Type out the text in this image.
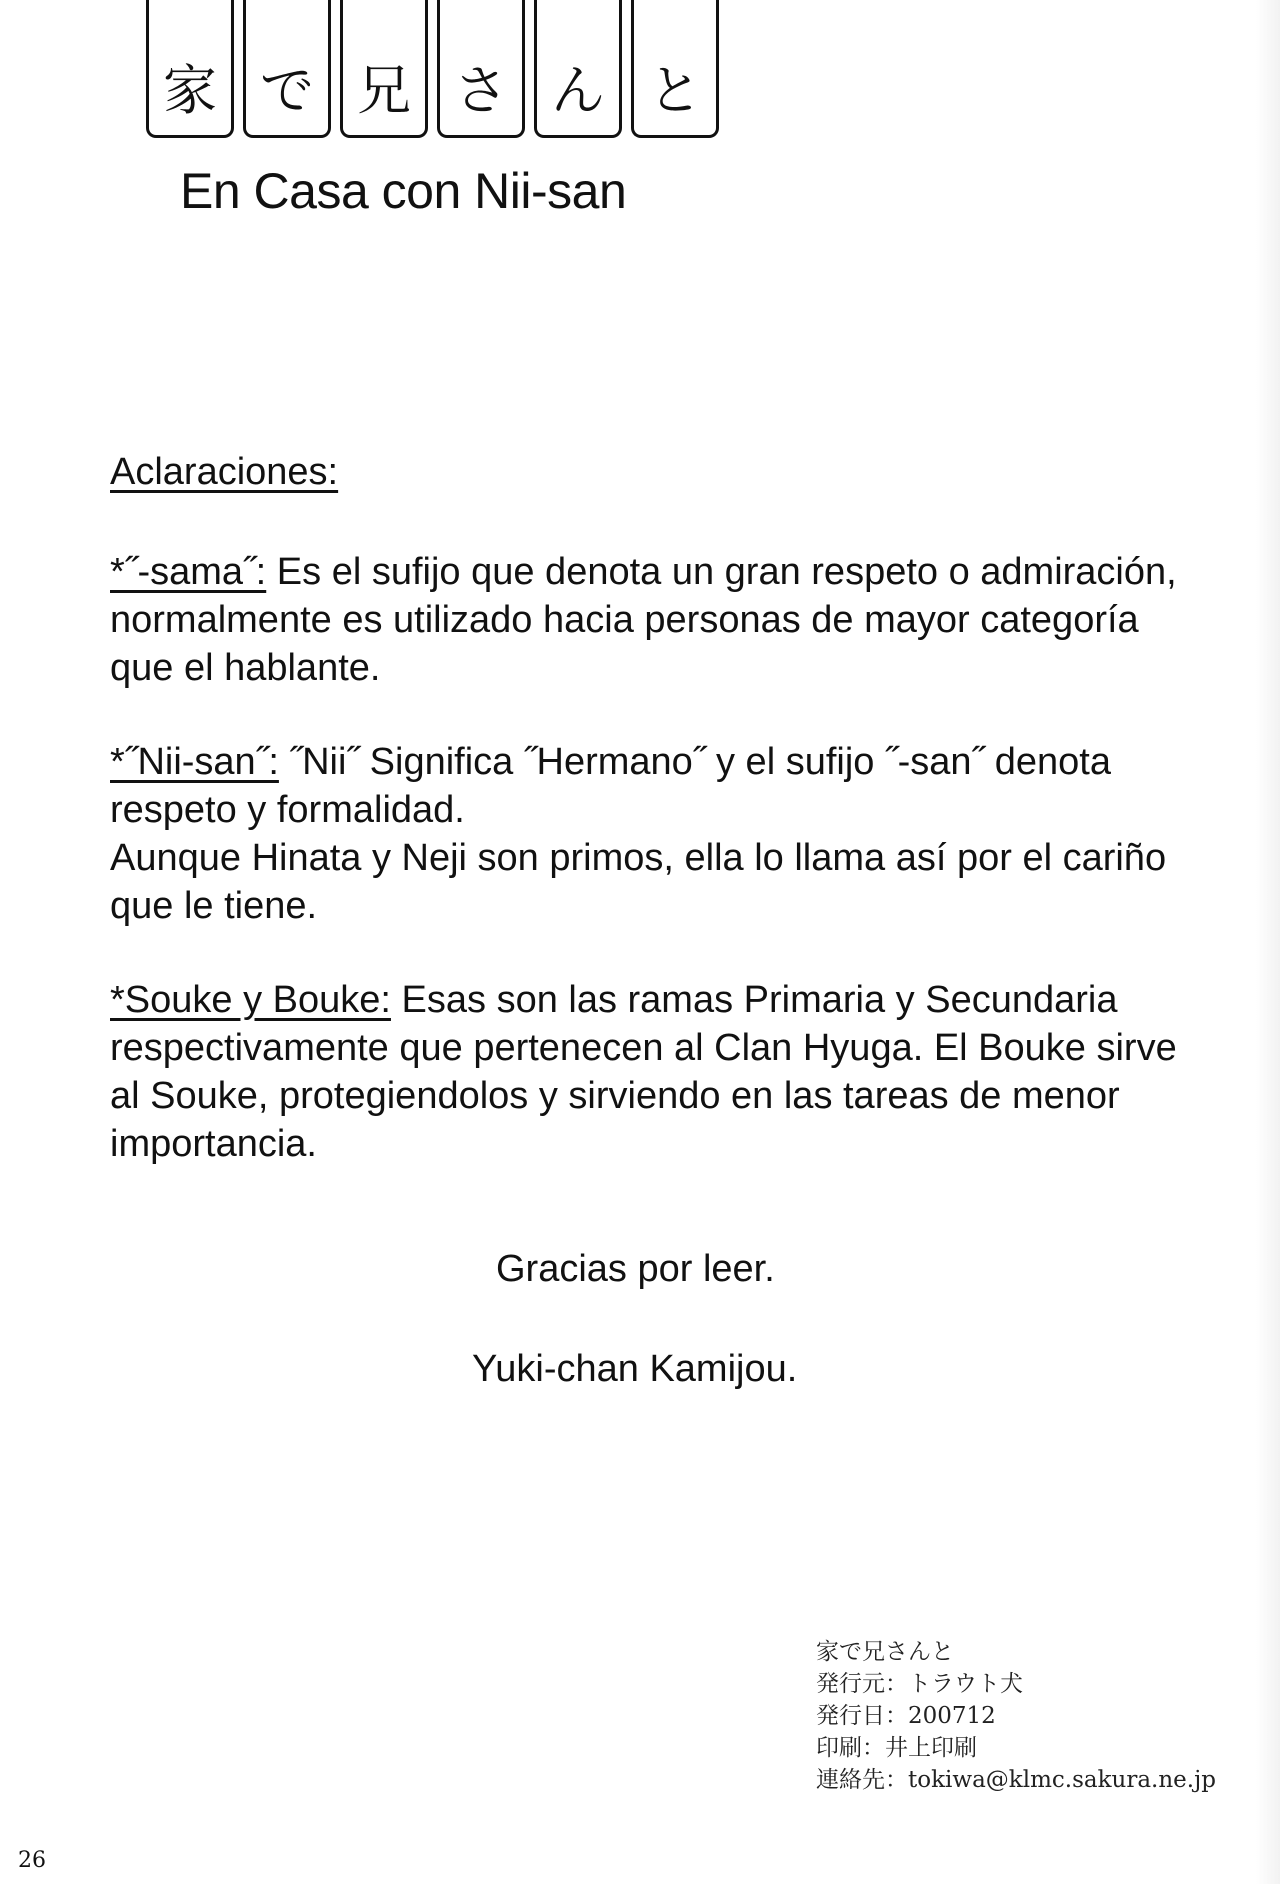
家 で 兄 さ ん と
En Casa con Nii-san
Aclaraciones:
*˝-sama˝: Es el sufijo que denota un gran respeto o admiración, normalmente es utilizado hacia personas de mayor categoría que el hablante.
*˝Nii-san˝: ˝Nii˝ Significa ˝Hermano˝ y el sufijo ˝-san˝ denota respeto y formalidad.
Aunque Hinata y Neji son primos, ella lo llama así por el cariño que le tiene.
*Souke y Bouke: Esas son las ramas Primaria y Secundaria respectivamente que pertenecen al Clan Hyuga. El Bouke sirve al Souke, protegiendolos y sirviendo en las tareas de menor importancia.
Gracias por leer.
Yuki-chan Kamijou.
家で兄さんと
発行元：トラウト犬
発行日：200712
印刷：井上印刷
連絡先：tokiwa@klmc.sakura.ne.jp
26
